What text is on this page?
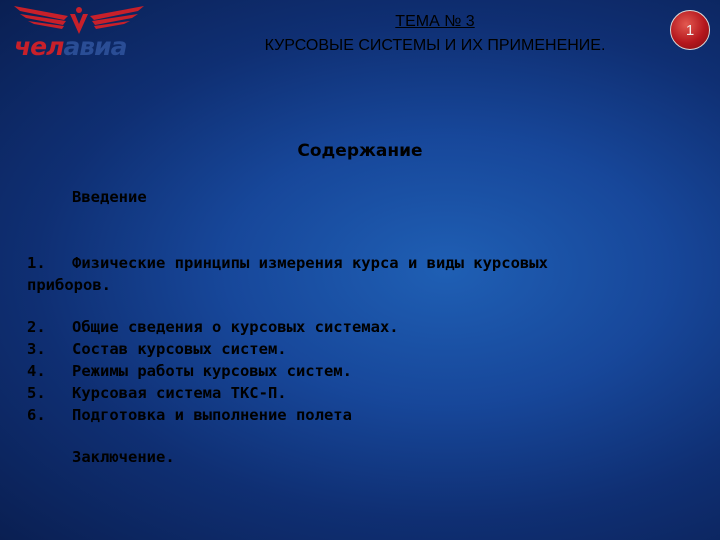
челавиа
ТЕМА № 3
КУРСОВЫЕ СИСТЕМЫ И ИХ ПРИМЕНЕНИЕ.
1
Содержание
Введение
1.	Физические принципы измерения курса и виды курсовых
приборов.
2.	Общие сведения о курсовых системах.
3.	Состав курсовых систем.
4.	Режимы работы курсовых систем.
5.	Курсовая система ТКС-П.
6.	Подготовка и выполнение полета
Заключение.
